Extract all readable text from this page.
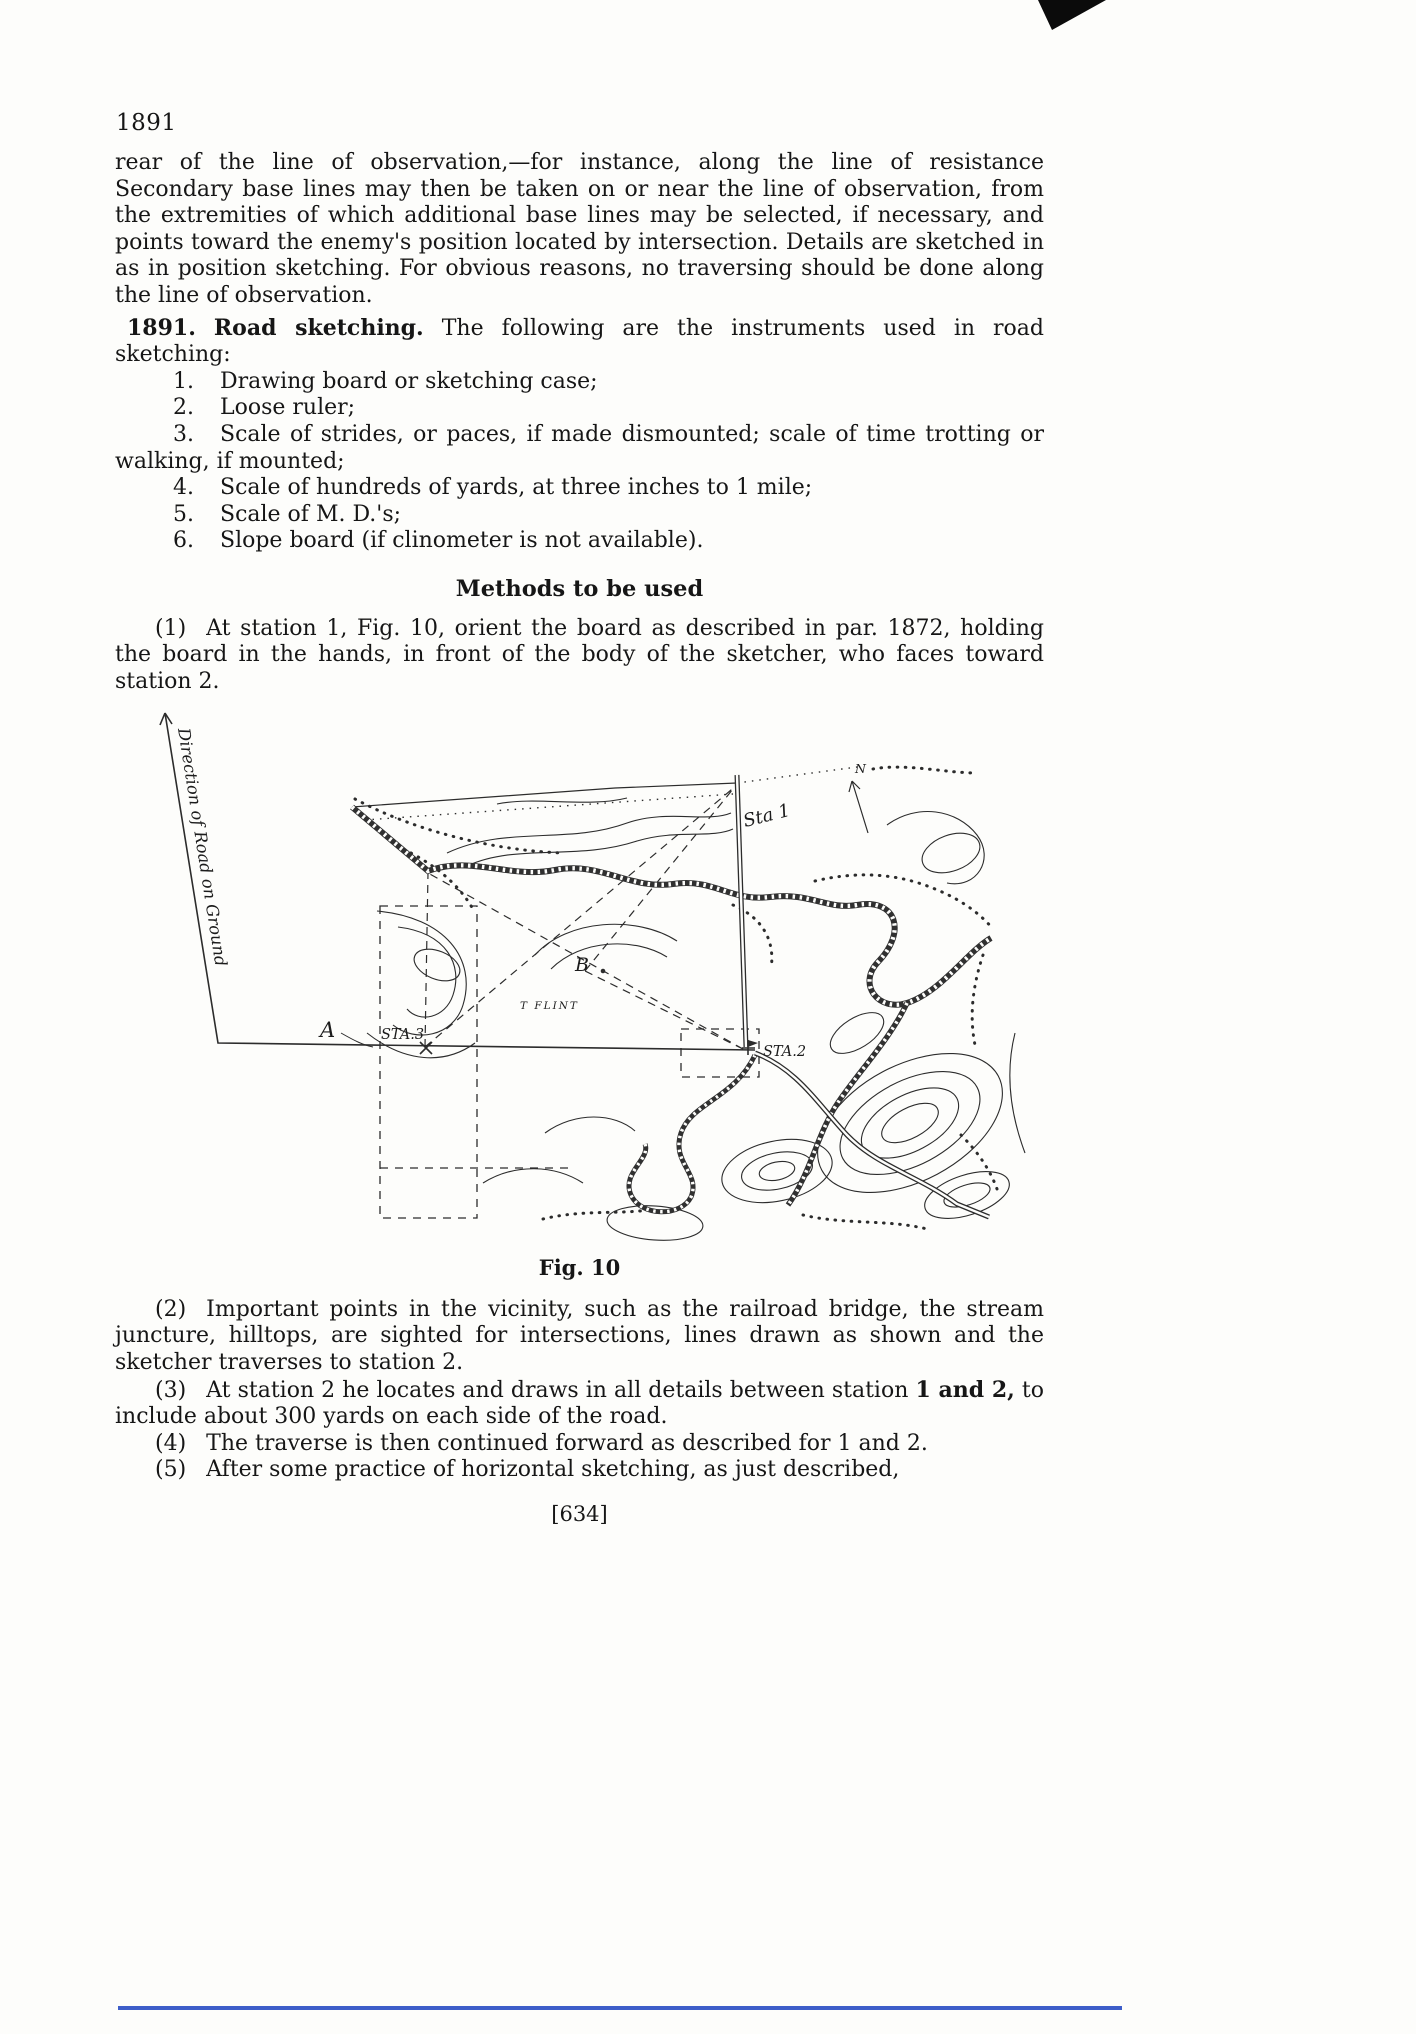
1891

rear of the line of observation,—for instance, along the line of resistance Secondary base lines may then be taken on or near the line of observation, from the extremities of which additional base lines may be selected, if necessary, and points toward the enemy's position located by intersection. Details are sketched in as in position sketching. For obvious reasons, no traversing should be done along the line of observation.

1891. Road sketching. The following are the instruments used in road sketching:

1. Drawing board or sketching case;

2. Loose ruler;

3. Scale of strides, or paces, if made dismounted; scale of time trotting or walking, if mounted;

4. Scale of hundreds of yards, at three inches to 1 mile;

5. Scale of M. D.'s;

6. Slope board (if clinometer is not available).

Methods to be used

(1) At station 1, Fig. 10, orient the board as described in par. 1872, holding the board in the hands, in front of the body of the sketcher, who faces toward station 2.

Direction of Road on Ground	Sta 1
STA.2
STA.3
A
B
T FLINT
N

Fig. 10

(2) Important points in the vicinity, such as the railroad bridge, the stream juncture, hilltops, are sighted for intersections, lines drawn as shown and the sketcher traverses to station 2.

(3) At station 2 he locates and draws in all details between station 1 and 2, to include about 300 yards on each side of the road.

(4) The traverse is then continued forward as described for 1 and 2.

(5) After some practice of horizontal sketching, as just described,

[634]
